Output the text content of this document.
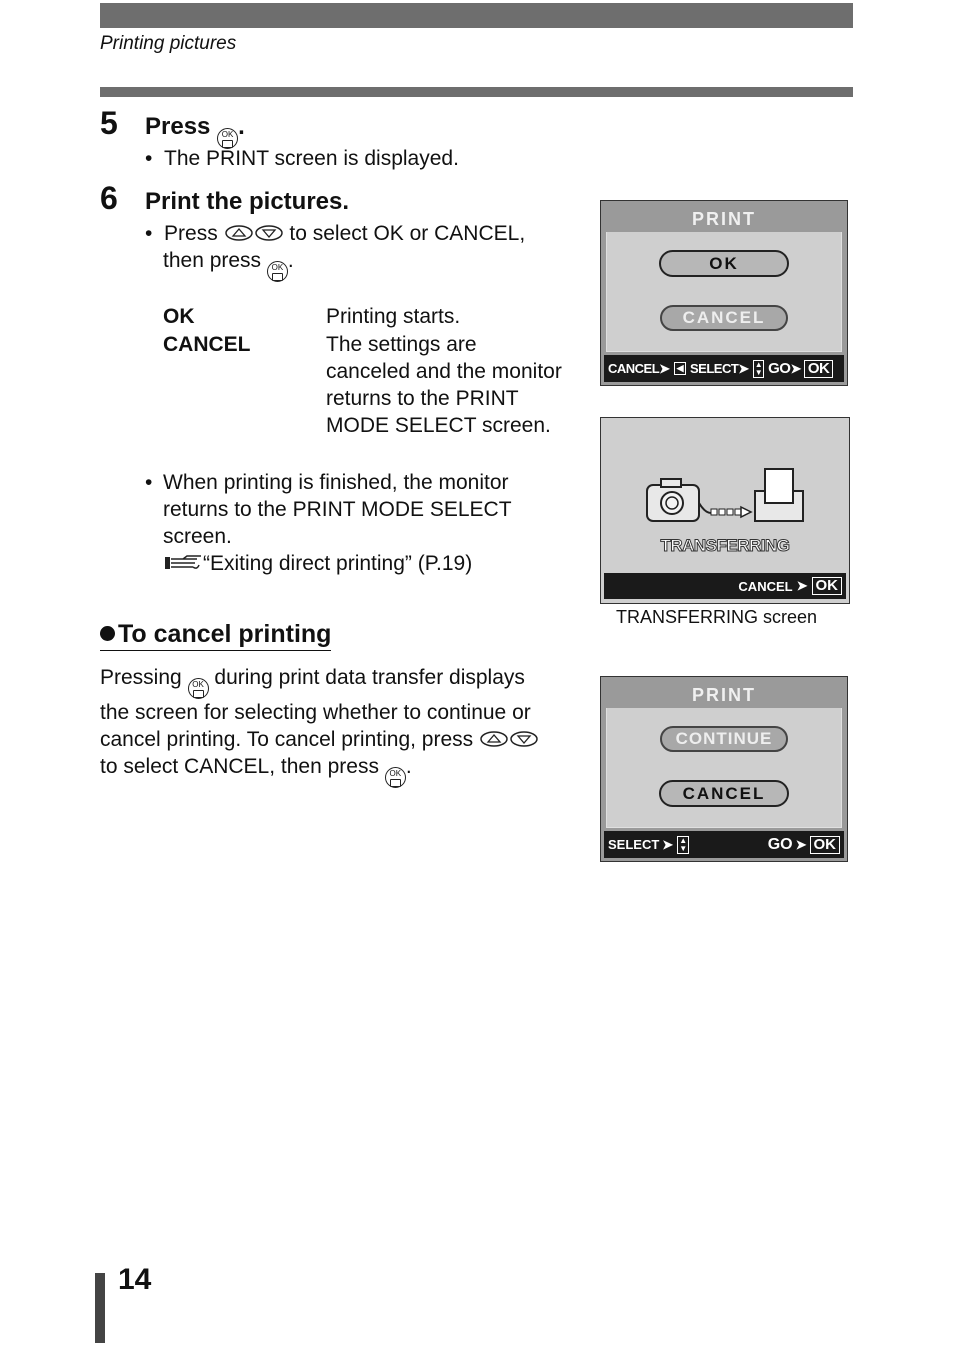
Printing pictures
5 Press	OK .
•  The PRINT screen is displayed.
6 Print the pictures.
•  Press	to select OK or CANCEL,
then press	OK .
OK	Printing starts.
CANCEL	The settings are
canceled and the monitor
returns to the PRINT
MODE SELECT screen.
• When printing is finished, the monitor
returns to the PRINT MODE SELECT
screen.
“Exiting direct printing” (P.19)
To cancel printing
Pressing	OK during print data transfer displays
the screen for selecting whether to continue or
cancel printing. To cancel printing, press
to select CANCEL, then press	OK .
PRINT
OK
CANCEL
CANCEL ➤ ◀ SELECT ➤ ▲
▼ GO ➤ OK
TRANSFERRING
CANCEL ➤ OK
TRANSFERRING screen
PRINT
CONTINUE
CANCEL
SELECT ➤ ▲
▼	GO ➤ OK
14
